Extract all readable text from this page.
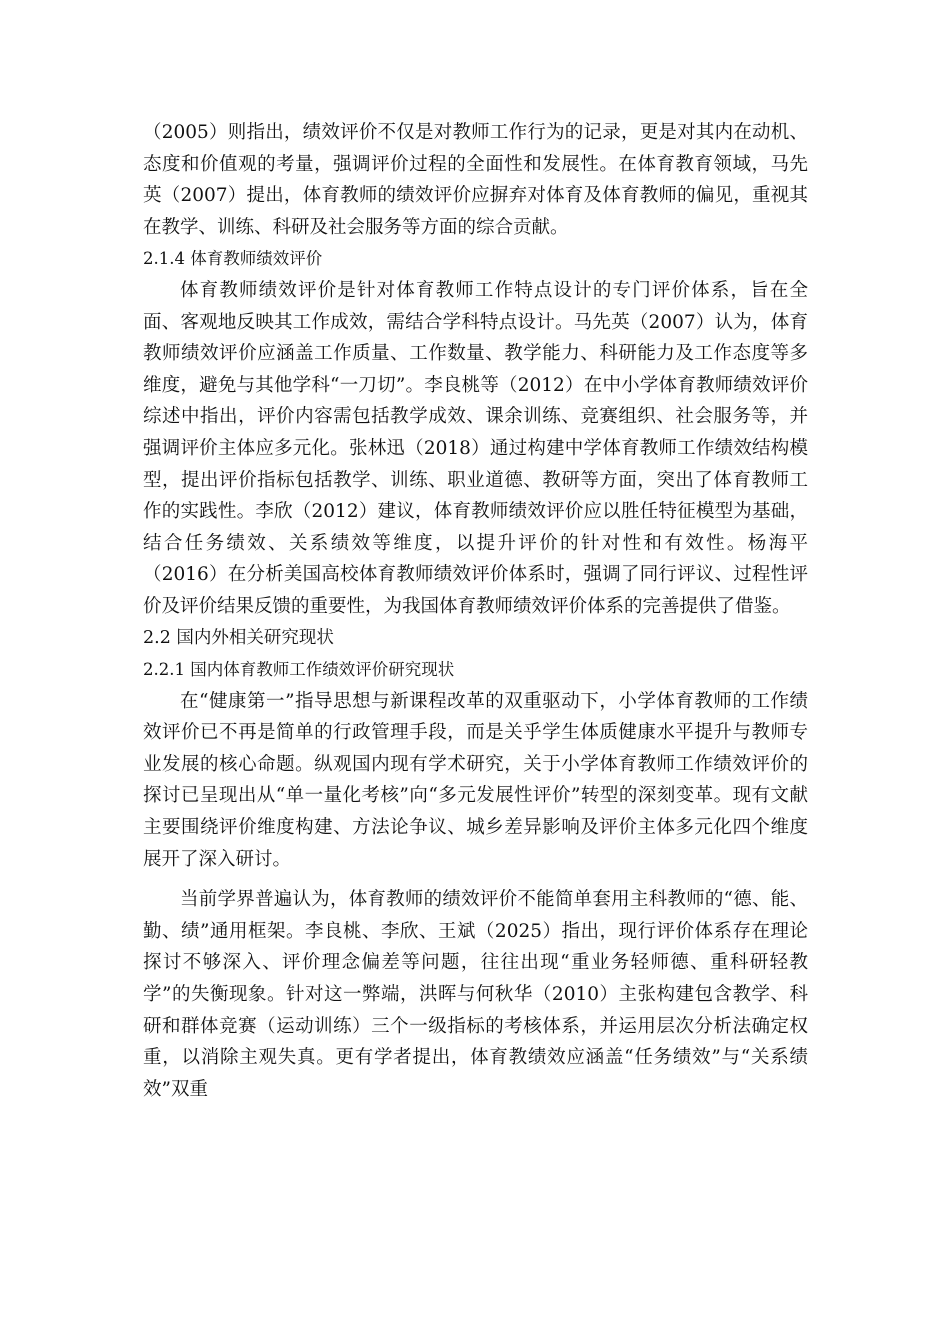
（2005）则指出，绩效评价不仅是对教师工作行为的记录，更是对其内在动机、态度和价值观的考量，强调评价过程的全面性和发展性。在体育教育领域，马先英（2007）提出，体育教师的绩效评价应摒弃对体育及体育教师的偏见，重视其在教学、训练、科研及社会服务等方面的综合贡献。

2.1.4 体育教师绩效评价

体育教师绩效评价是针对体育教师工作特点设计的专门评价体系，旨在全面、客观地反映其工作成效，需结合学科特点设计。马先英（2007）认为，体育教师绩效评价应涵盖工作质量、工作数量、教学能力、科研能力及工作态度等多维度，避免与其他学科“一刀切”。李良桃等（2012）在中小学体育教师绩效评价综述中指出，评价内容需包括教学成效、课余训练、竞赛组织、社会服务等，并强调评价主体应多元化。张林迅（2018）通过构建中学体育教师工作绩效结构模型，提出评价指标包括教学、训练、职业道德、教研等方面，突出了体育教师工作的实践性。李欣（2012）建议，体育教师绩效评价应以胜任特征模型为基础，结合任务绩效、关系绩效等维度，以提升评价的针对性和有效性。杨海平（2016）在分析美国高校体育教师绩效评价体系时，强调了同行评议、过程性评价及评价结果反馈的重要性，为我国体育教师绩效评价体系的完善提供了借鉴。

2.2 国内外相关研究现状

2.2.1 国内体育教师工作绩效评价研究现状

在“健康第一”指导思想与新课程改革的双重驱动下，小学体育教师的工作绩效评价已不再是简单的行政管理手段，而是关乎学生体质健康水平提升与教师专业发展的核心命题。纵观国内现有学术研究，关于小学体育教师工作绩效评价的探讨已呈现出从“单一量化考核”向“多元发展性评价”转型的深刻变革。现有文献主要围绕评价维度构建、方法论争议、城乡差异影响及评价主体多元化四个维度展开了深入研讨。

当前学界普遍认为，体育教师的绩效评价不能简单套用主科教师的“德、能、勤、绩”通用框架。李良桃、李欣、王斌（2025）指出，现行评价体系存在理论探讨不够深入、评价理念偏差等问题，往往出现“重业务轻师德、重科研轻教学”的失衡现象。针对这一弊端，洪晖与何秋华（2010）主张构建包含教学、科研和群体竞赛（运动训练）三个一级指标的考核体系，并运用层次分析法确定权重，以消除主观失真。更有学者提出，体育教绩效应涵盖“任务绩效”与“关系绩效”双重
